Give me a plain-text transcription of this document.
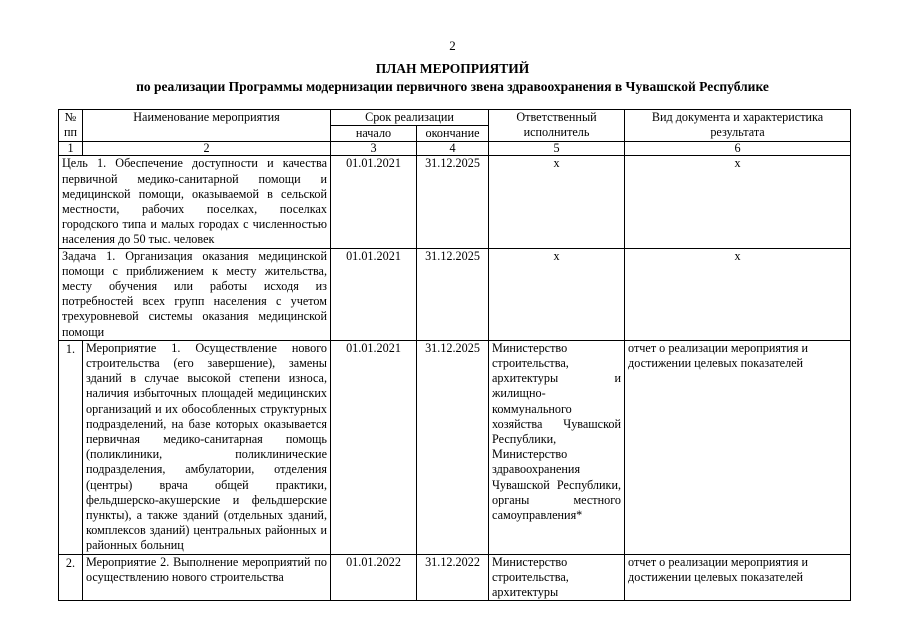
2
ПЛАН МЕРОПРИЯТИЙ
по реализации Программы модернизации первичного звена здравоохранения в Чувашской Республике
№ пп	Наименование мероприятия	Срок реализации		Ответственный исполнитель	Вид документа и характеристика результата
		начало	окончание		
1	2	3	4	5	6
Цель 1. Обеспечение доступности и качества первичной медико-санитарной помощи и медицинской помощи, оказываемой в сельской местности, рабочих поселках, поселках городского типа и малых городах с численностью населения до 50 тыс. человек		01.01.2021	31.12.2025	x	x
Задача 1. Организация оказания медицинской помощи с приближением к месту жительства, месту обучения или работы исходя из потребностей всех групп населения с учетом трехуровневой системы оказания медицинской помощи		01.01.2021	31.12.2025	x	x
1.	Мероприятие 1. Осуществление нового строительства (его завершение), замены зданий в случае высокой степени износа, наличия избыточных площадей медицинских организаций и их обособленных структурных подразделений, на базе которых оказывается первичная медико-санитарная помощь (поликлиники, поликлинические подразделения, амбулатории, отделения (центры) врача общей практики, фельдшерско-акушерские и фельдшерские пункты), а также зданий (отдельных зданий, комплексов зданий) центральных районных и районных больниц	01.01.2021	31.12.2025	Министерство строительства, архитектуры и жилищно-коммунального хозяйства Чувашской Республики, Министерство здравоохранения Чувашской Республики, органы местного самоуправления*	отчет о реализации мероприятия и достижении целевых показателей
2.	Мероприятие 2. Выполнение мероприятий по осуществлению нового строительства	01.01.2022	31.12.2022	Министерство строительства, архитектуры	отчет о реализации мероприятия и достижении целевых показателей
